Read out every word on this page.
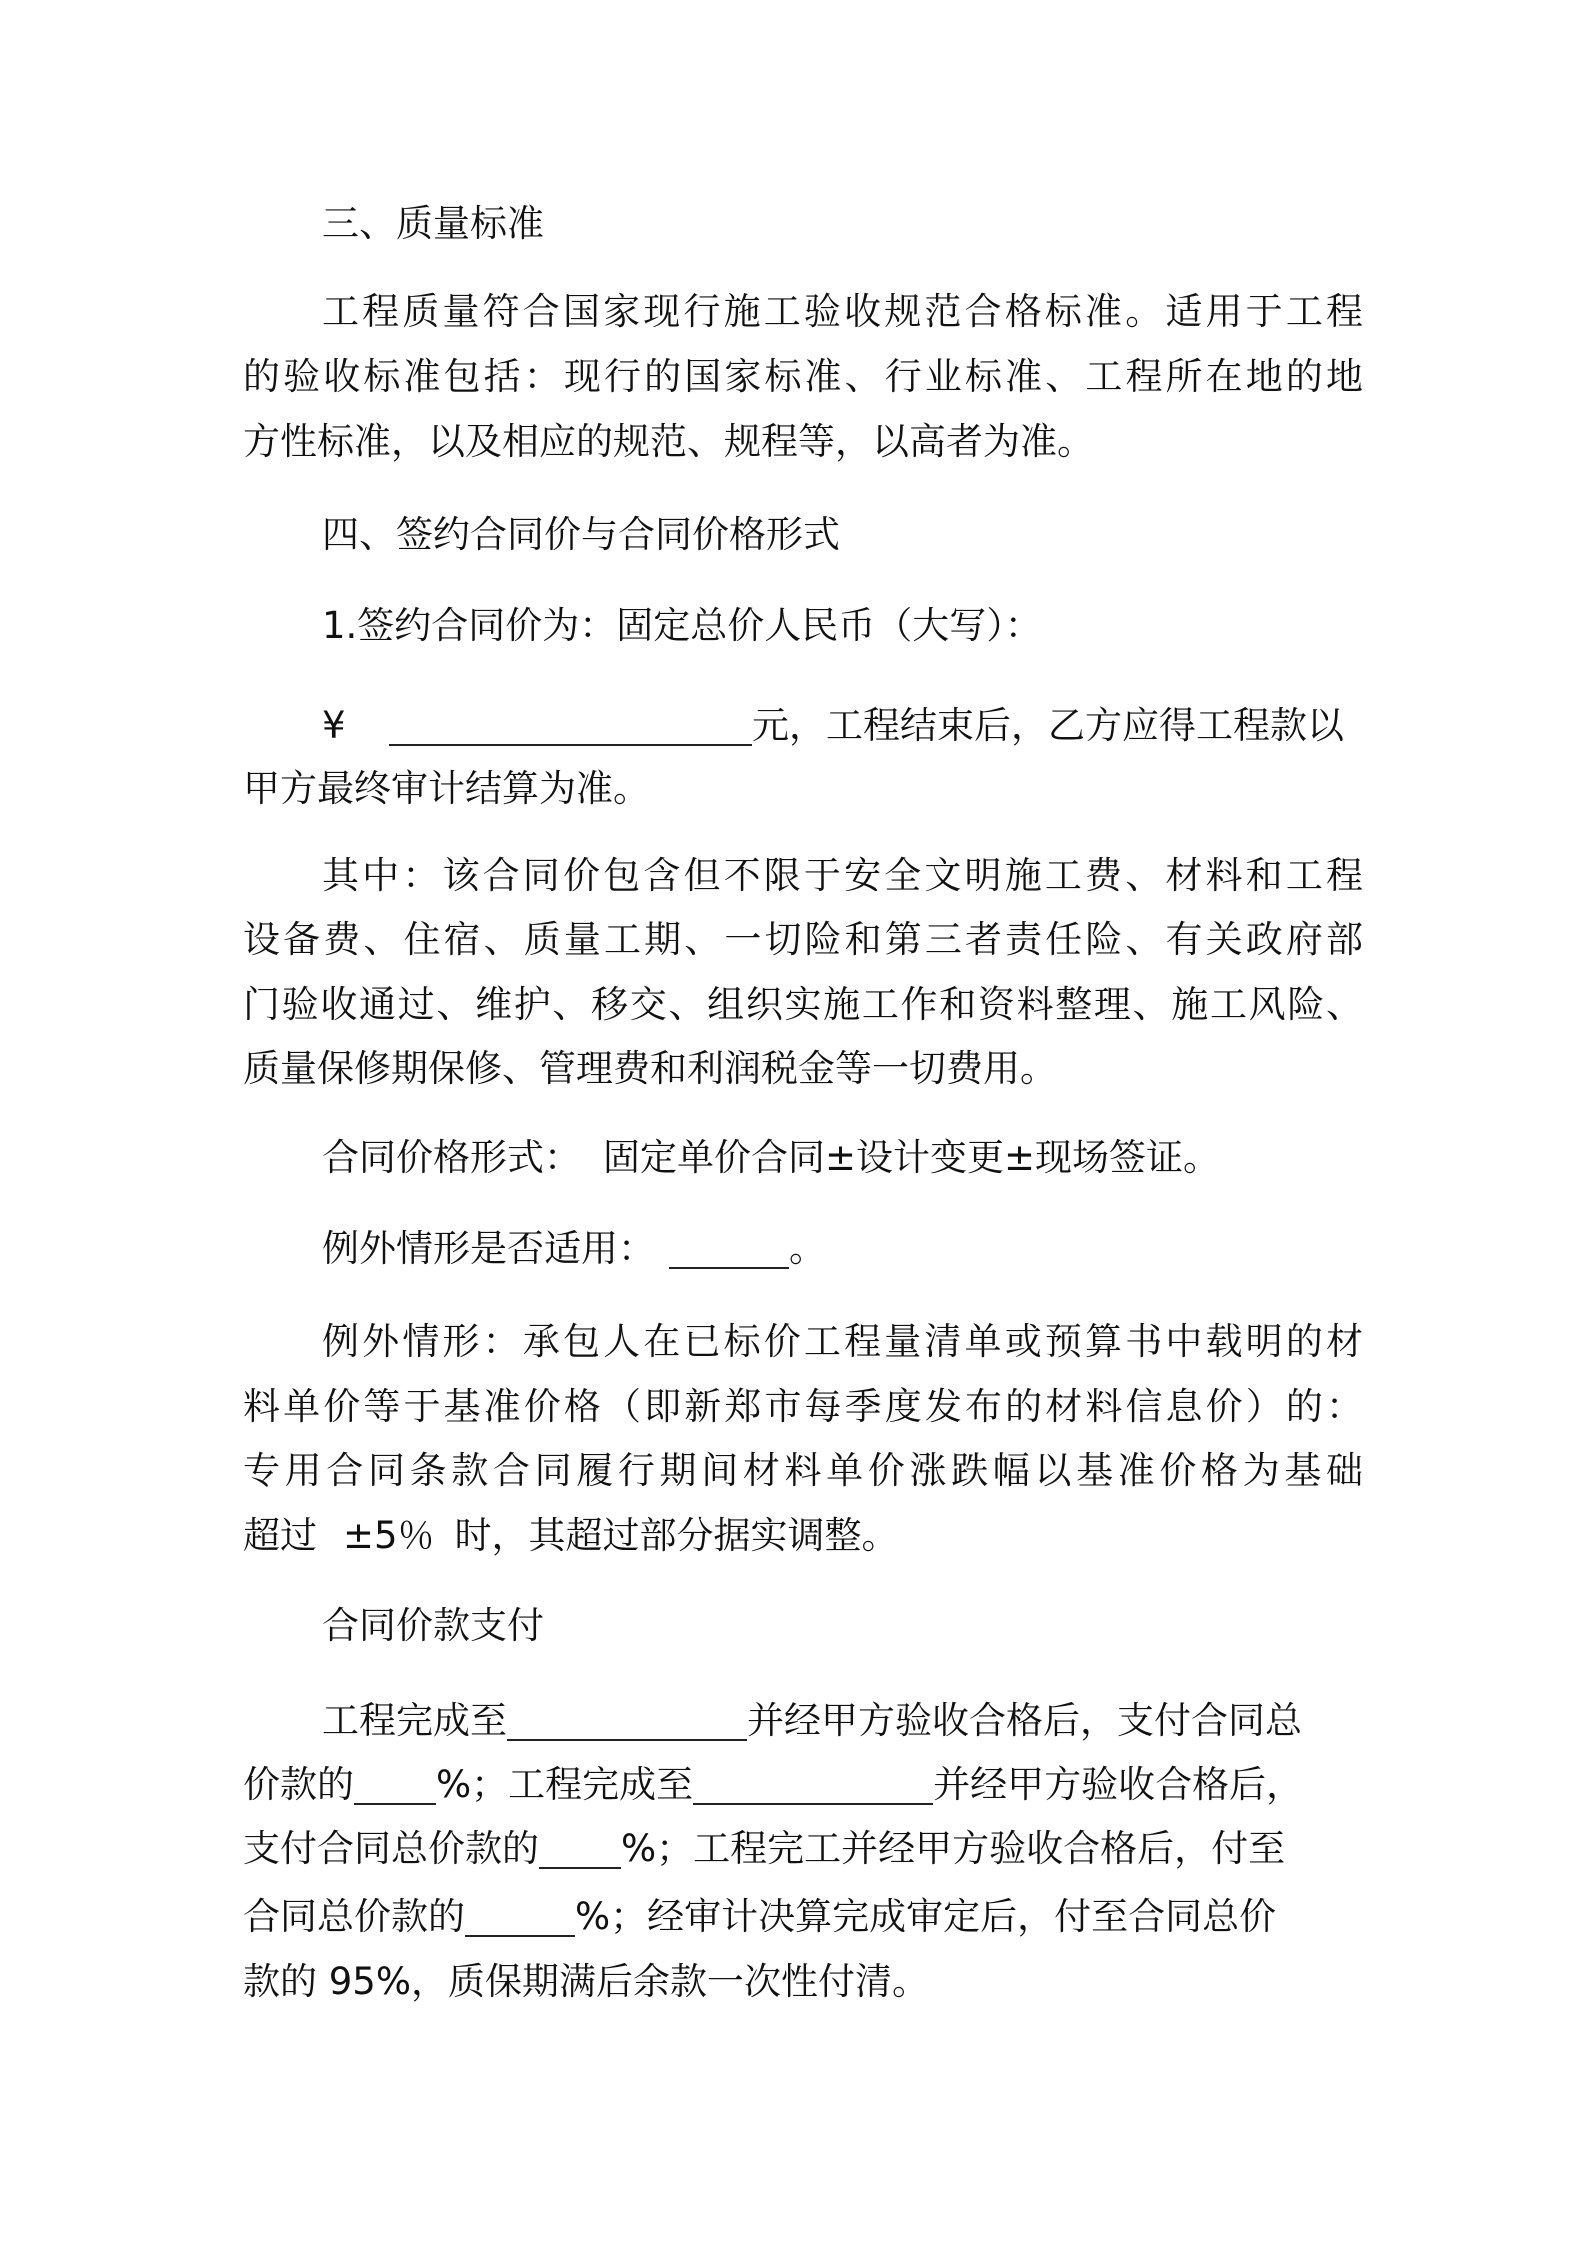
三、质量标准
工程质量符合国家现行施工验收规范合格标准。适用于工程
的验收标准包括：现行的国家标准、行业标准、工程所在地的地
方性标准，以及相应的规范、规程等，以高者为准。
四、签约合同价与合同价格形式
1.签约合同价为：固定总价人民币（大写）：
¥	元，工程结束后，乙方应得工程款以
甲方最终审计结算为准。
其中：该合同价包含但不限于安全文明施工费、材料和工程
设备费、住宿、质量工期、一切险和第三者责任险、有关政府部
门验收通过、维护、移交、组织实施工作和资料整理、施工风险、
质量保修期保修、管理费和利润税金等一切费用。
合同价格形式： 固定单价合同±设计变更±现场签证。
例外情形是否适用：	。
例外情形：承包人在已标价工程量清单或预算书中载明的材
料单价等于基准价格（即新郑市每季度发布的材料信息价）的：
专用合同条款合同履行期间材料单价涨跌幅以基准价格为基础
超过 ±5％ 时，其超过部分据实调整。
合同价款支付
工程完成至	并经甲方验收合格后，支付合同总
价款的 %；工程完成至	并经甲方验收合格后，
支付合同总价款的 %；工程完工并经甲方验收合格后，付至
合同总价款的	%；经审计决算完成审定后，付至合同总价
款的 95%，质保期满后余款一次性付清。
